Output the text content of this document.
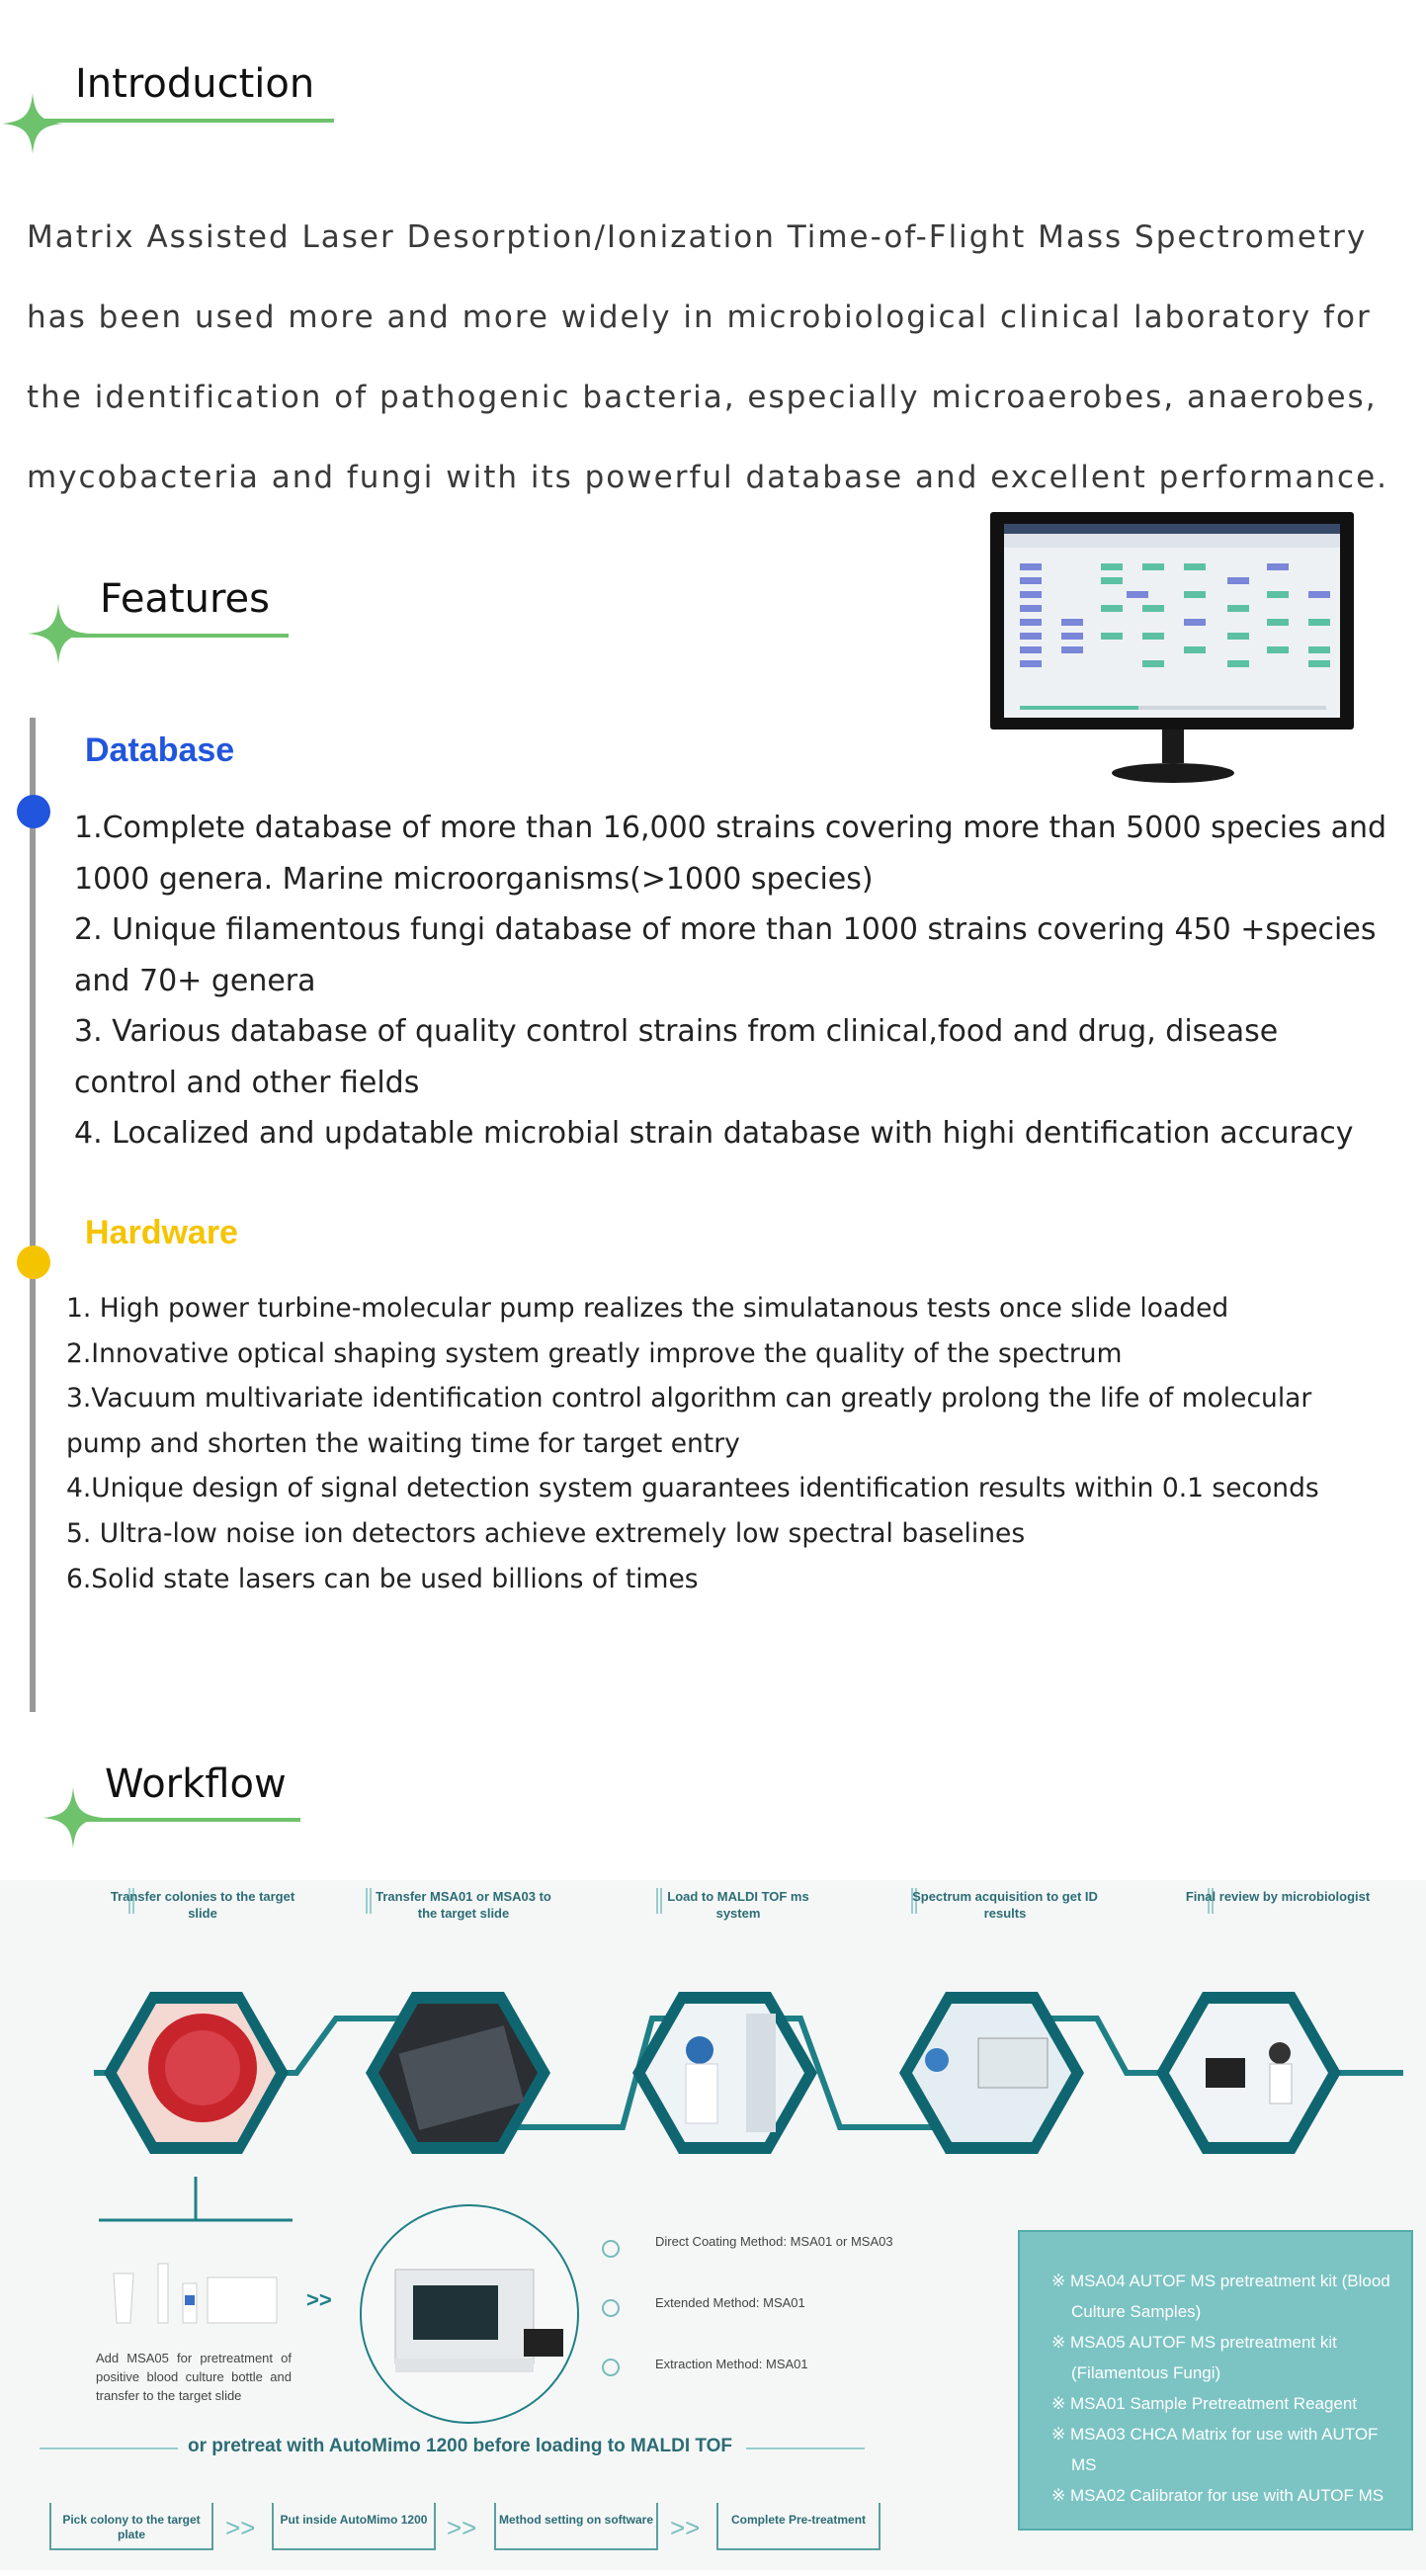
Introduction
Matrix Assisted Laser Desorption/Ionization Time-of-Flight Mass Spectrometry has been used more and more widely in microbiological clinical laboratory for the identification of pathogenic bacteria, especially microaerobes, anaerobes, mycobacteria and fungi with its powerful database and excellent performance.
Features
Database
1.Complete database of more than 16,000 strains covering more than 5000 species and 1000 genera. Marine microorganisms(>1000 species)
2. Unique filamentous fungi database of more than 1000 strains covering 450 +species and 70+ genera
3. Various database of quality control strains from clinical,food and drug, disease control and other fields
4. Localized and updatable microbial strain database with highi dentification accuracy
Hardware
1. High power turbine-molecular pump realizes the simulatanous tests once slide loaded
2.Innovative optical shaping system greatly improve the quality of the spectrum
3.Vacuum multivariate identification control algorithm can greatly prolong the life of molecular pump and shorten the waiting time for target entry
4.Unique design of signal detection system guarantees identification results within 0.1 seconds
5. Ultra-low noise ion detectors achieve extremely low spectral baselines
6.Solid state lasers can be used billions of times
Workflow
Transfer colonies to the target slide
Transfer MSA01 or MSA03 to the target slide
Load to MALDI TOF ms system
Spectrum acquisition to get ID results
Final review by microbiologist
Add MSA05 for pretreatment of positive blood culture bottle and transfer to the target slide
>>
Direct Coating Method: MSA01 or MSA03
Extended Method: MSA01
Extraction Method: MSA01
※ MSA04 AUTOF MS pretreatment kit (Blood Culture Samples)
※ MSA05 AUTOF MS pretreatment kit (Filamentous Fungi)
※ MSA01 Sample Pretreatment Reagent
※ MSA03 CHCA Matrix for use with AUTOF MS
※ MSA02 Calibrator for use with AUTOF MS
or pretreat with AutoMimo 1200 before loading to MALDI TOF
Pick colony to the target plate	>>	Put inside AutoMimo 1200 >>	Method setting on software >>	Complete Pre-treatment
